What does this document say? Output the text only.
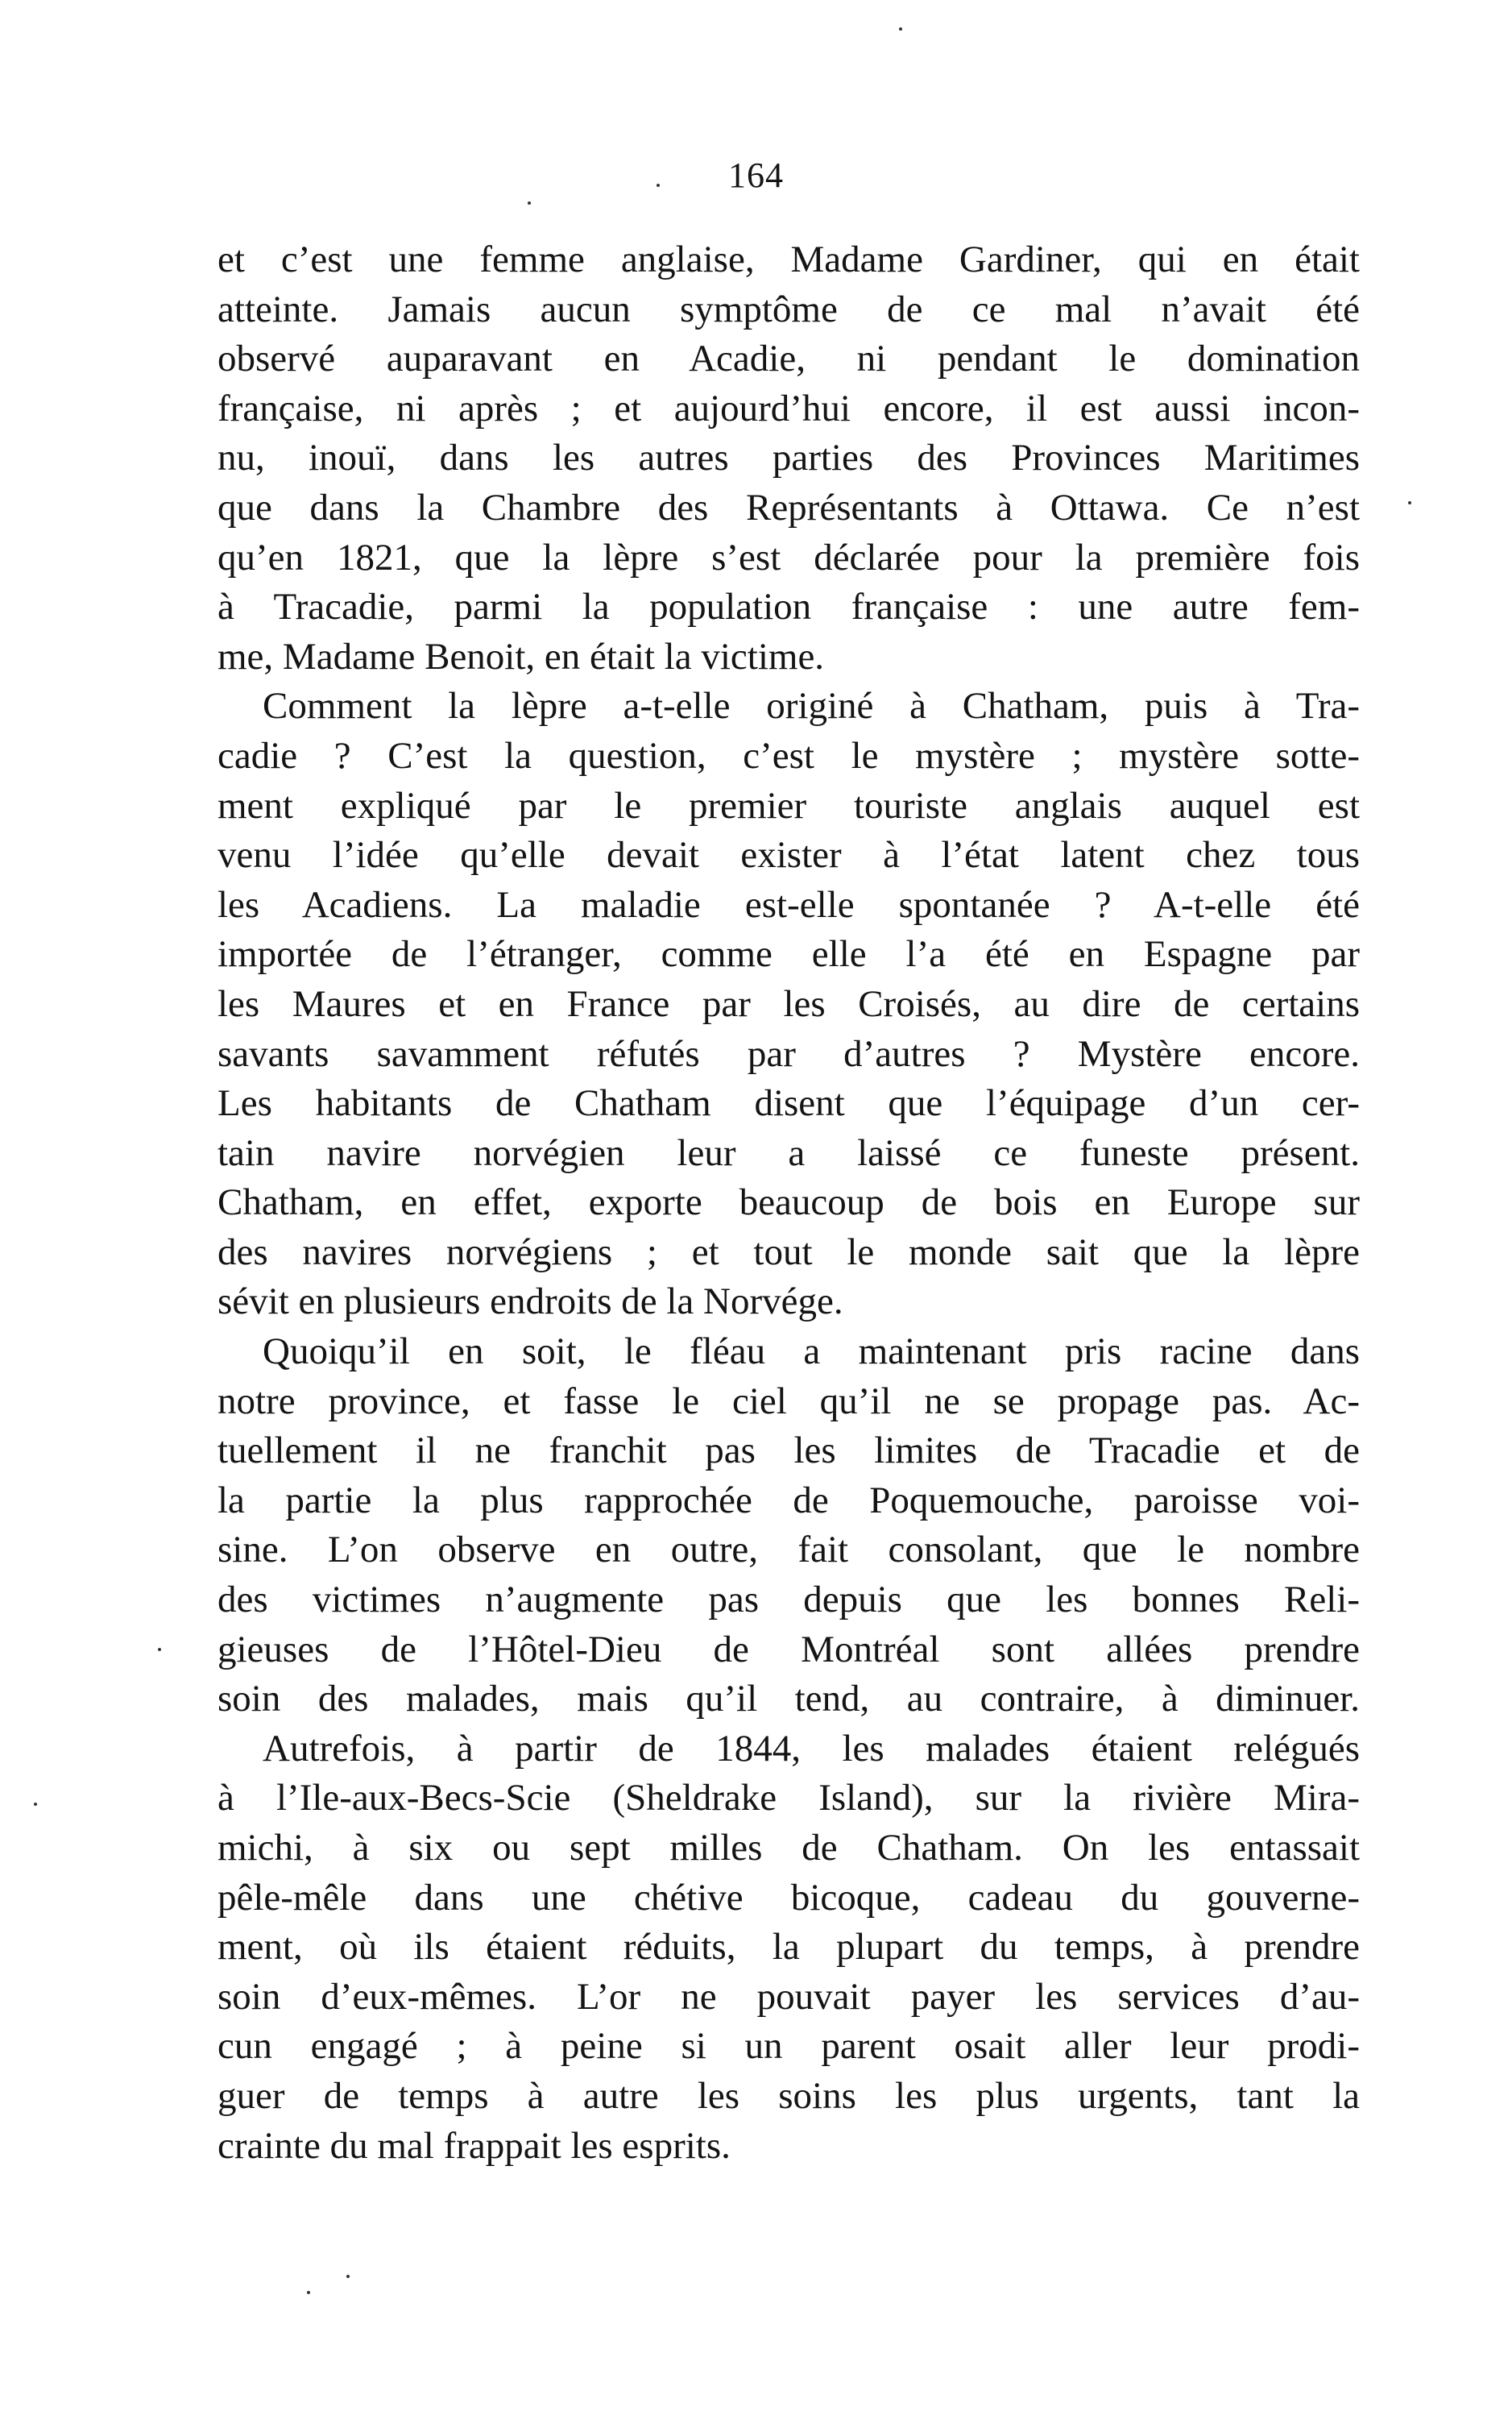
164
et c’est une femme anglaise, Madame Gardiner, qui en était
atteinte. Jamais aucun symptôme de ce mal n’avait été
observé auparavant en Acadie, ni pendant le domination
française, ni après ; et aujourd’hui encore, il est aussi incon-
nu, inouï, dans les autres parties des Provinces Maritimes
que dans la Chambre des Représentants à Ottawa. Ce n’est
qu’en 1821, que la lèpre s’est déclarée pour la première fois
à Tracadie, parmi la population française : une autre fem-
me, Madame Benoit, en était la victime.
Comment la lèpre a-t-elle originé à Chatham, puis à Tra-
cadie ? C’est la question, c’est le mystère ; mystère sotte-
ment expliqué par le premier touriste anglais auquel est
venu l’idée qu’elle devait exister à l’état latent chez tous
les Acadiens. La maladie est-elle spontanée ? A-t-elle été
importée de l’étranger, comme elle l’a été en Espagne par
les Maures et en France par les Croisés, au dire de certains
savants savamment réfutés par d’autres ? Mystère encore.
Les habitants de Chatham disent que l’équipage d’un cer-
tain navire norvégien leur a laissé ce funeste présent.
Chatham, en effet, exporte beaucoup de bois en Europe sur
des navires norvégiens ; et tout le monde sait que la lèpre
sévit en plusieurs endroits de la Norvége.
Quoiqu’il en soit, le fléau a maintenant pris racine dans
notre province, et fasse le ciel qu’il ne se propage pas. Ac-
tuellement il ne franchit pas les limites de Tracadie et de
la partie la plus rapprochée de Poquemouche, paroisse voi-
sine. L’on observe en outre, fait consolant, que le nombre
des victimes n’augmente pas depuis que les bonnes Reli-
gieuses de l’Hôtel-Dieu de Montréal sont allées prendre
soin des malades, mais qu’il tend, au contraire, à diminuer.
Autrefois, à partir de 1844, les malades étaient relégués
à l’Ile-aux-Becs-Scie (Sheldrake Island), sur la rivière Mira-
michi, à six ou sept milles de Chatham. On les entassait
pêle-mêle dans une chétive bicoque, cadeau du gouverne-
ment, où ils étaient réduits, la plupart du temps, à prendre
soin d’eux-mêmes. L’or ne pouvait payer les services d’au-
cun engagé ; à peine si un parent osait aller leur prodi-
guer de temps à autre les soins les plus urgents, tant la
crainte du mal frappait les esprits.
